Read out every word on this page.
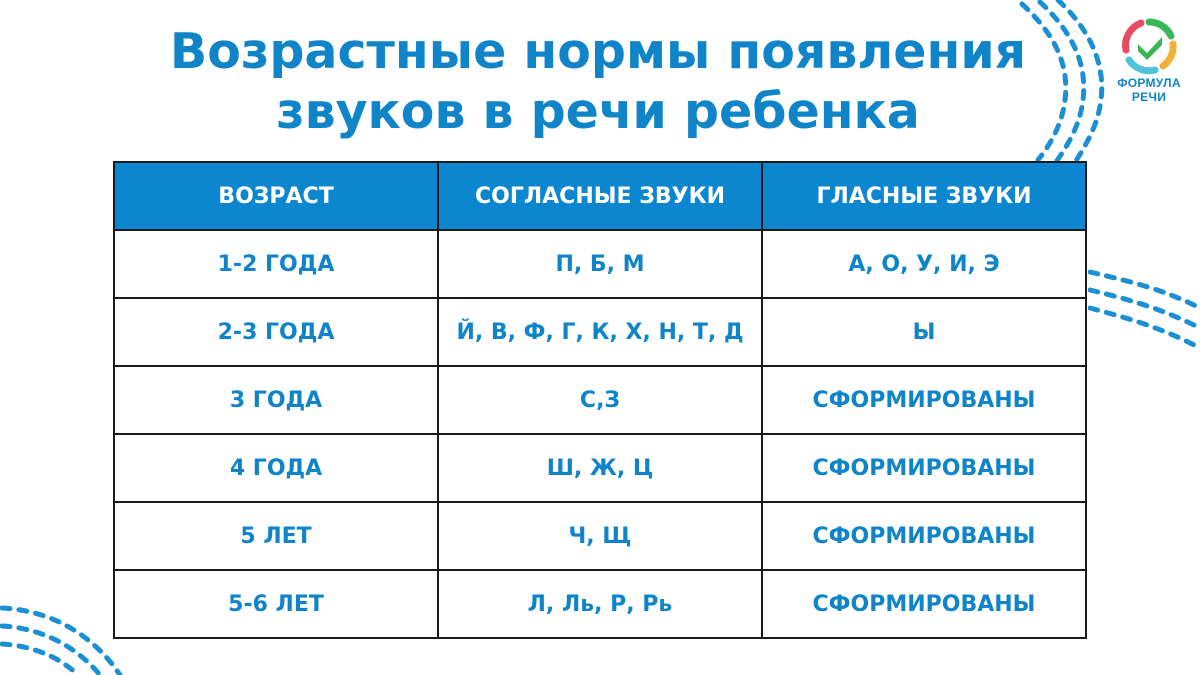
ФОРМУЛА
РЕЧИ
Возрастные нормы появления
звуков в речи ребенка
ВОЗРАСТ	СОГЛАСНЫЕ ЗВУКИ	ГЛАСНЫЕ ЗВУКИ
1-2 ГОДА	П, Б, М	А, О, У, И, Э
2-3 ГОДА	Й, В, Ф, Г, К, Х, Н, Т, Д	Ы
3 ГОДА	С,З	СФОРМИРОВАНЫ
4 ГОДА	Ш, Ж, Ц	СФОРМИРОВАНЫ
5 ЛЕТ	Ч, Щ	СФОРМИРОВАНЫ
5-6 ЛЕТ	Л, Ль, Р, Рь	СФОРМИРОВАНЫ
